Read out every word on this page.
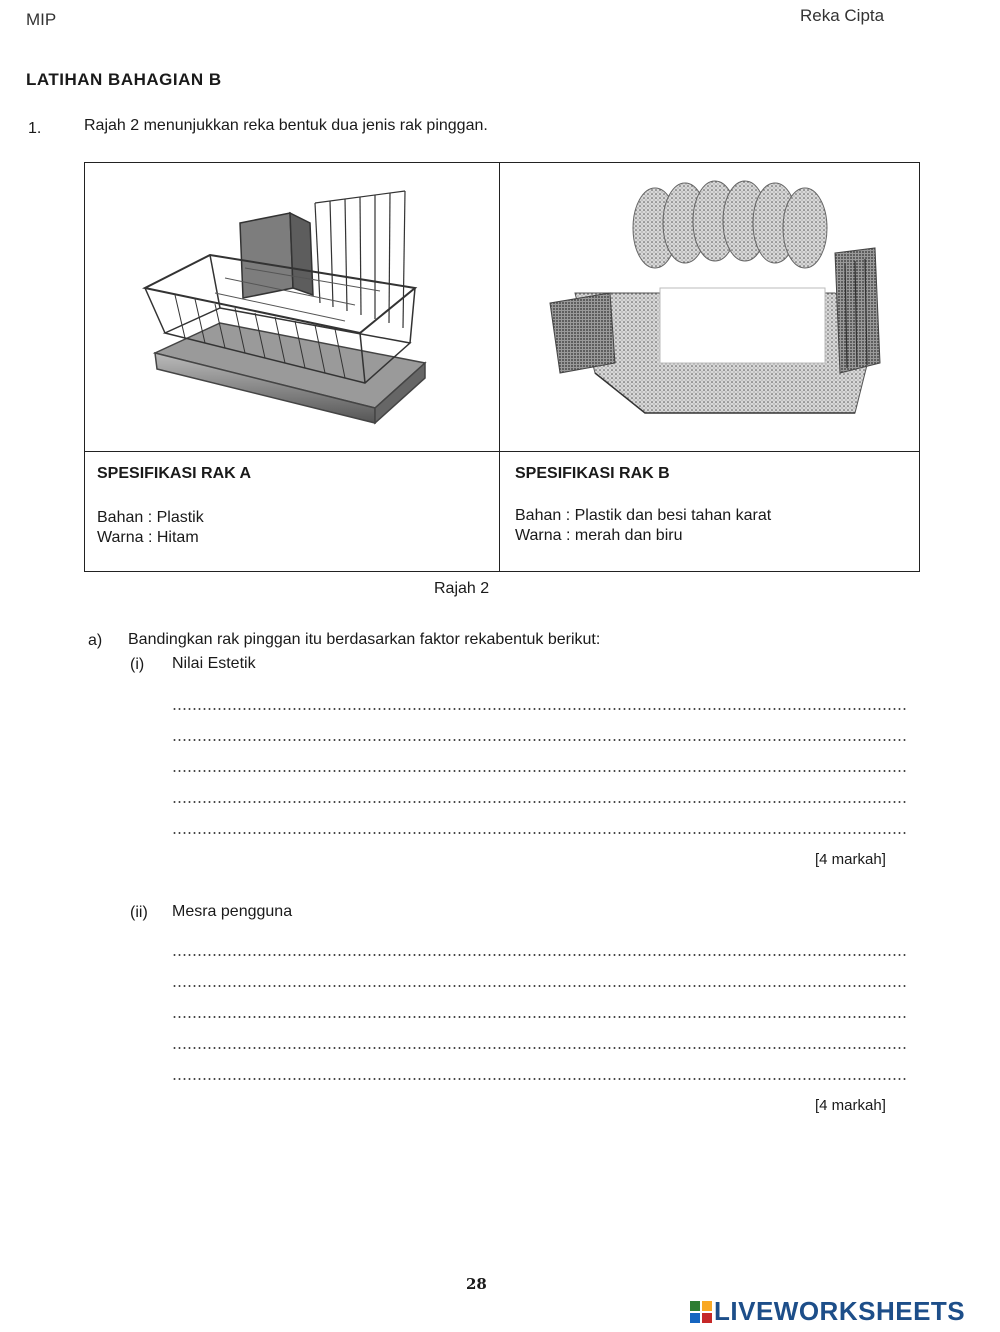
MIP	Reka Cipta
LATIHAN BAHAGIAN B
1.	Rajah 2 menunjukkan reka bentuk dua jenis rak pinggan.
SPESIFIKASI RAK A
Bahan : Plastik
Warna : Hitam
SPESIFIKASI RAK B
Bahan : Plastik dan besi tahan karat
Warna : merah dan biru
Rajah 2
a) Bandingkan rak pinggan itu berdasarkan faktor rekabentuk berikut:
(i) Nilai Estetik
[4 markah]
(ii) Mesra pengguna
[4 markah]
28
LIVEWORKSHEETS
